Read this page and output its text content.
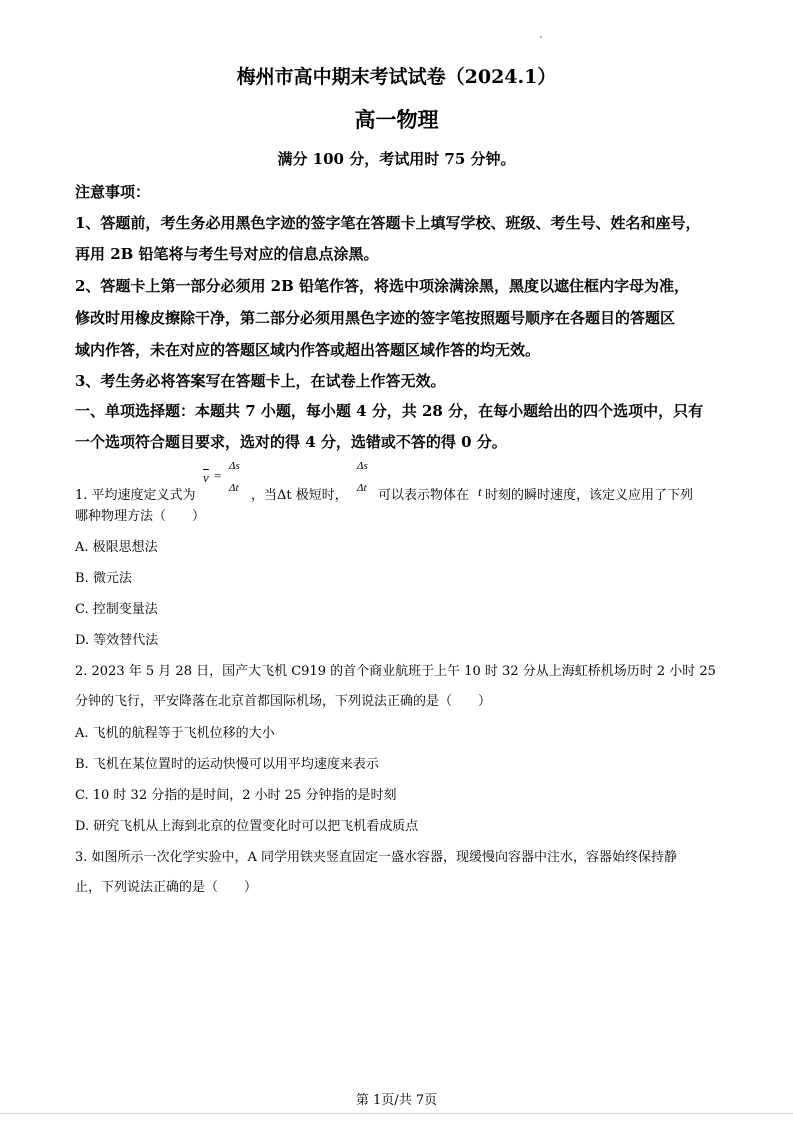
梅州市高中期末考试试卷（2024.1）
高一物理
满分 100 分，考试用时 75 分钟。
注意事项：
1、答题前，考生务必用黑色字迹的签字笔在答题卡上填写学校、班级、考生号、姓名和座号，
再用 2B 铅笔将与考生号对应的信息点涂黑。
2、答题卡上第一部分必须用 2B 铅笔作答，将选中项涂满涂黑，黑度以遮住框内字母为准，
修改时用橡皮擦除干净，第二部分必须用黑色字迹的签字笔按照题号顺序在各题目的答题区
域内作答，未在对应的答题区域内作答或超出答题区域作答的均无效。
3、考生务必将答案写在答题卡上，在试卷上作答无效。
一、单项选择题：本题共 7 小题，每小题 4 分，共 28 分，在每小题给出的四个选项中，只有
一个选项符合题目要求，选对的得 4 分，选错或不答的得 0 分。
1. 平均速度定义式为
$\overline{v}$ =
Δs
Δt ，当Δt 极短时，
Δs
Δt 可以表示物体在 t 时刻的瞬时速度，该定义应用了下列
哪种物理方法（　　）
A. 极限思想法
B. 微元法
C. 控制变量法
D. 等效替代法
2. 2023 年 5 月 28 日，国产大飞机 C919 的首个商业航班于上午 10 时 32 分从上海虹桥机场历时 2 小时 25
分钟的飞行，平安降落在北京首都国际机场，下列说法正确的是（　　）
A. 飞机的航程等于飞机位移的大小
B. 飞机在某位置时的运动快慢可以用平均速度来表示
C. 10 时 32 分指的是时间，2 小时 25 分钟指的是时刻
D. 研究飞机从上海到北京的位置变化时可以把飞机看成质点
3. 如图所示一次化学实验中，A 同学用铁夹竖直固定一盛水容器，现缓慢向容器中注水，容器始终保持静
止，下列说法正确的是（　　）
第 1页/共 7页
